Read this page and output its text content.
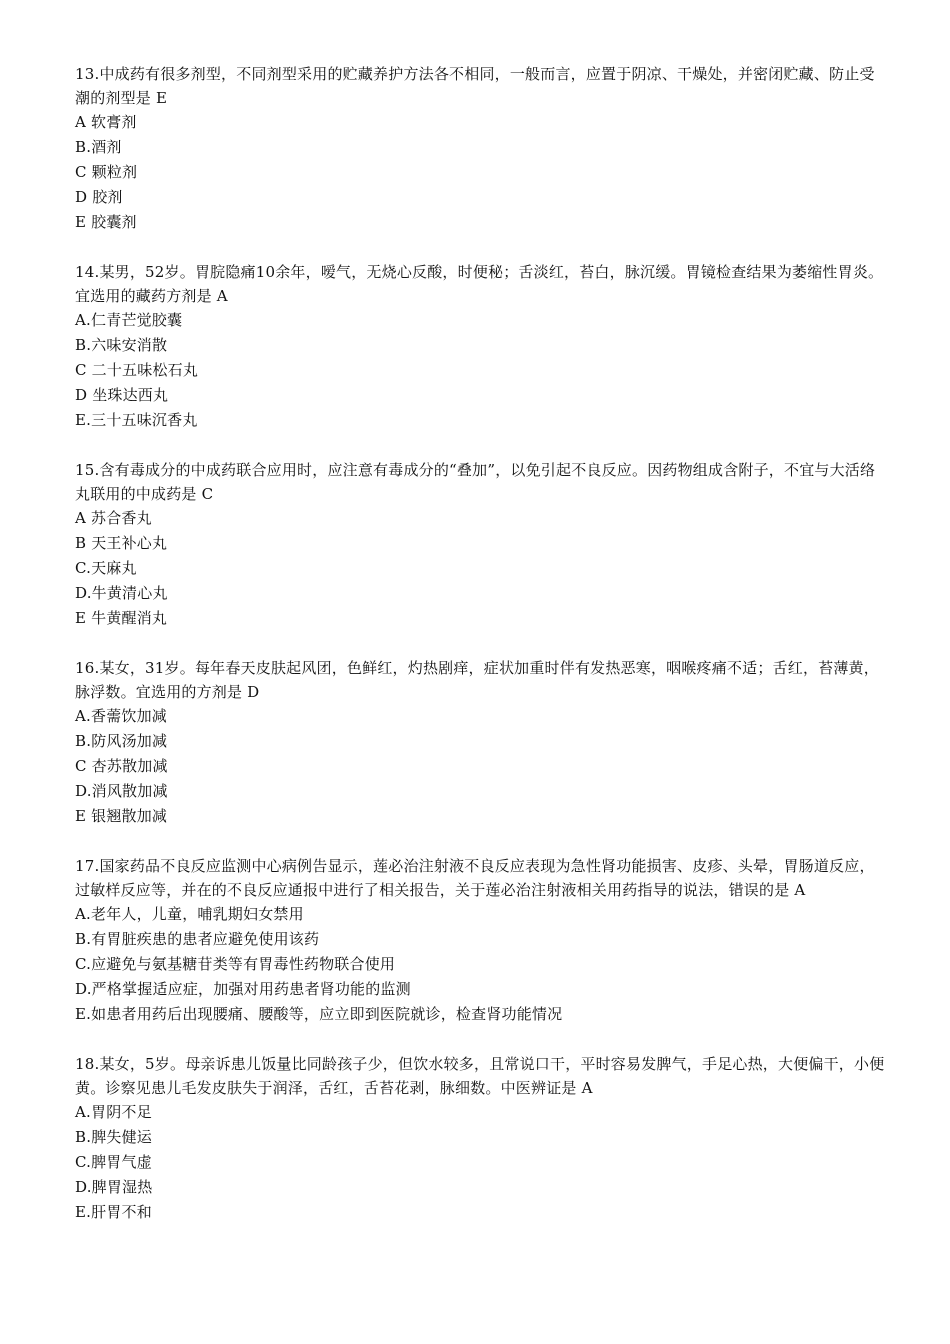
13.中成药有很多剂型，不同剂型采用的贮藏养护方法各不相同，一般而言，应置于阴凉、干燥处，并密闭贮藏、防止受潮的剂型是 E

A 软膏剂

B.酒剂

C 颗粒剂

D 胶剂

E 胶囊剂

14.某男，52岁。胃脘隐痛10余年，嗳气，无烧心反酸，时便秘；舌淡红，苔白，脉沉缓。胃镜检查结果为萎缩性胃炎。宜选用的藏药方剂是 A

A.仁青芒觉胶囊

B.六味安消散

C 二十五味松石丸

D 坐珠达西丸

E.三十五味沉香丸

15.含有毒成分的中成药联合应用时，应注意有毒成分的“叠加”，以免引起不良反应。因药物组成含附子，不宜与大活络丸联用的中成药是 C

A 苏合香丸

B 天王补心丸

C.天麻丸

D.牛黄清心丸

E 牛黄醒消丸

16.某女，31岁。每年春天皮肤起风团，色鲜红，灼热剧痒，症状加重时伴有发热恶寒，咽喉疼痛不适；舌红，苔薄黄，脉浮数。宜选用的方剂是 D

A.香薷饮加减

B.防风汤加减

C 杏苏散加减

D.消风散加减

E 银翘散加减

17.国家药品不良反应监测中心病例告显示，莲必治注射液不良反应表现为急性肾功能损害、皮疹、头晕，胃肠道反应，过敏样反应等，并在的不良反应通报中进行了相关报告，关于莲必治注射液相关用药指导的说法，错误的是 A

A.老年人，儿童，哺乳期妇女禁用

B.有胃脏疾患的患者应避免使用该药

C.应避免与氨基糖苷类等有胃毒性药物联合使用

D.严格掌握适应症，加强对用药患者肾功能的监测

E.如患者用药后出现腰痛、腰酸等，应立即到医院就诊，检查肾功能情况

18.某女，5岁。母亲诉患儿饭量比同龄孩子少，但饮水较多，且常说口干，平时容易发脾气，手足心热，大便偏干，小便黄。诊察见患儿毛发皮肤失于润泽，舌红，舌苔花剥，脉细数。中医辨证是 A

A.胃阴不足

B.脾失健运

C.脾胃气虚

D.脾胃湿热

E.肝胃不和
